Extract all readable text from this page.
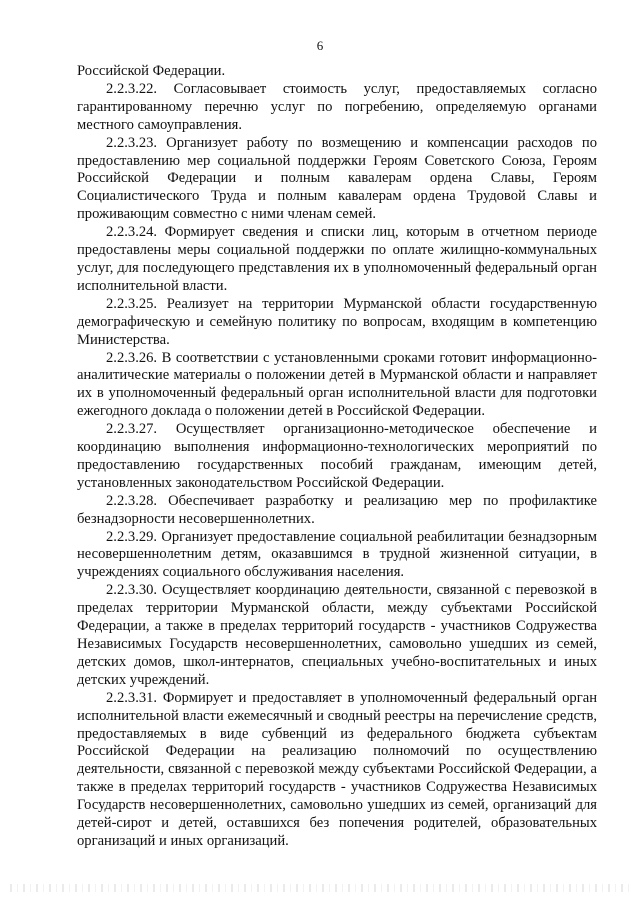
6

Российской Федерации.

2.2.3.22. Согласовывает стоимость услуг, предоставляемых согласно гарантированному перечню услуг по погребению, определяемую органами местного самоуправления.

2.2.3.23. Организует работу по возмещению и компенсации расходов по предоставлению мер социальной поддержки Героям Советского Союза, Героям Российской Федерации и полным кавалерам ордена Славы, Героям Социалистического Труда и полным кавалерам ордена Трудовой Славы и проживающим совместно с ними членам семей.

2.2.3.24. Формирует сведения и списки лиц, которым в отчетном периоде предоставлены меры социальной поддержки по оплате жилищно-коммунальных услуг, для последующего представления их в уполномоченный федеральный орган исполнительной власти.

2.2.3.25. Реализует на территории Мурманской области государственную демографическую и семейную политику по вопросам, входящим в компетенцию Министерства.

2.2.3.26. В соответствии с установленными сроками готовит информационно-аналитические материалы о положении детей в Мурманской области и направляет их в уполномоченный федеральный орган исполнительной власти для подготовки ежегодного доклада о положении детей в Российской Федерации.

2.2.3.27. Осуществляет организационно-методическое обеспечение и координацию выполнения информационно-технологических мероприятий по предоставлению государственных пособий гражданам, имеющим детей, установленных законодательством Российской Федерации.

2.2.3.28. Обеспечивает разработку и реализацию мер по профилактике безнадзорности несовершеннолетних.

2.2.3.29. Организует предоставление социальной реабилитации безнадзорным несовершеннолетним детям, оказавшимся в трудной жизненной ситуации, в учреждениях социального обслуживания населения.

2.2.3.30. Осуществляет координацию деятельности, связанной с перевозкой в пределах территории Мурманской области, между субъектами Российской Федерации, а также в пределах территорий государств - участников Содружества Независимых Государств несовершеннолетних, самовольно ушедших из семей, детских домов, школ-интернатов, специальных учебно-воспитательных и иных детских учреждений.

2.2.3.31. Формирует и предоставляет в уполномоченный федеральный орган исполнительной власти ежемесячный и сводный реестры на перечисление средств, предоставляемых в виде субвенций из федерального бюджета субъектам Российской Федерации на реализацию полномочий по осуществлению деятельности, связанной с перевозкой между субъектами Российской Федерации, а также в пределах территорий государств - участников Содружества Независимых Государств несовершеннолетних, самовольно ушедших из семей, организаций для детей-сирот и детей, оставшихся без попечения родителей, образовательных организаций и иных организаций.
